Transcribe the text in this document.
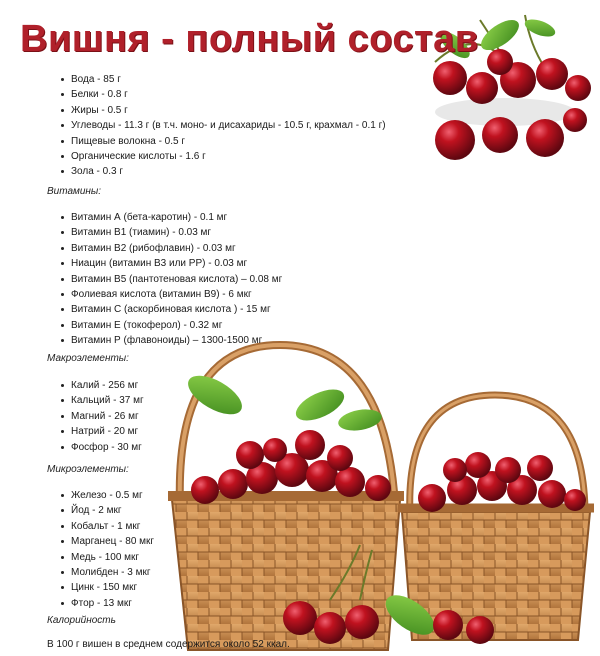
Вишня - полный состав
Вода - 85 г
Белки - 0.8 г
Жиры - 0.5 г
Углеводы - 11.3 г (в т.ч. моно- и дисахариды - 10.5 г, крахмал - 0.1 г)
Пищевые волокна - 0.5 г
Органические кислоты - 1.6 г
Зола - 0.3 г
Витамины:
Витамин А (бета-каротин) - 0.1 мг
Витамин В1 (тиамин) - 0.03 мг
Витамин В2 (рибофлавин) - 0.03 мг
Ниацин (витамин В3 или РР) - 0.03 мг
Витамин В5 (пантотеновая кислота) – 0.08 мг
Фолиевая кислота (витамин В9) - 6 мкг
Витамин С (аскорбиновая кислота ) - 15 мг
Витамин Е (токоферол) - 0.32 мг
Витамин Р (флавоноиды) – 1300-1500 мг
Макроэлементы:
Калий - 256 мг
Кальций - 37 мг
Магний - 26 мг
Натрий - 20 мг
Фосфор - 30 мг
Микроэлементы:
Железо - 0.5 мг
Йод - 2 мкг
Кобальт - 1 мкг
Марганец - 80 мкг
Медь - 100 мкг
Молибден - 3 мкг
Цинк - 150 мкг
Фтор - 13 мкг
Калорийность
В 100 г вишен в среднем содержится около 52 ккал.
